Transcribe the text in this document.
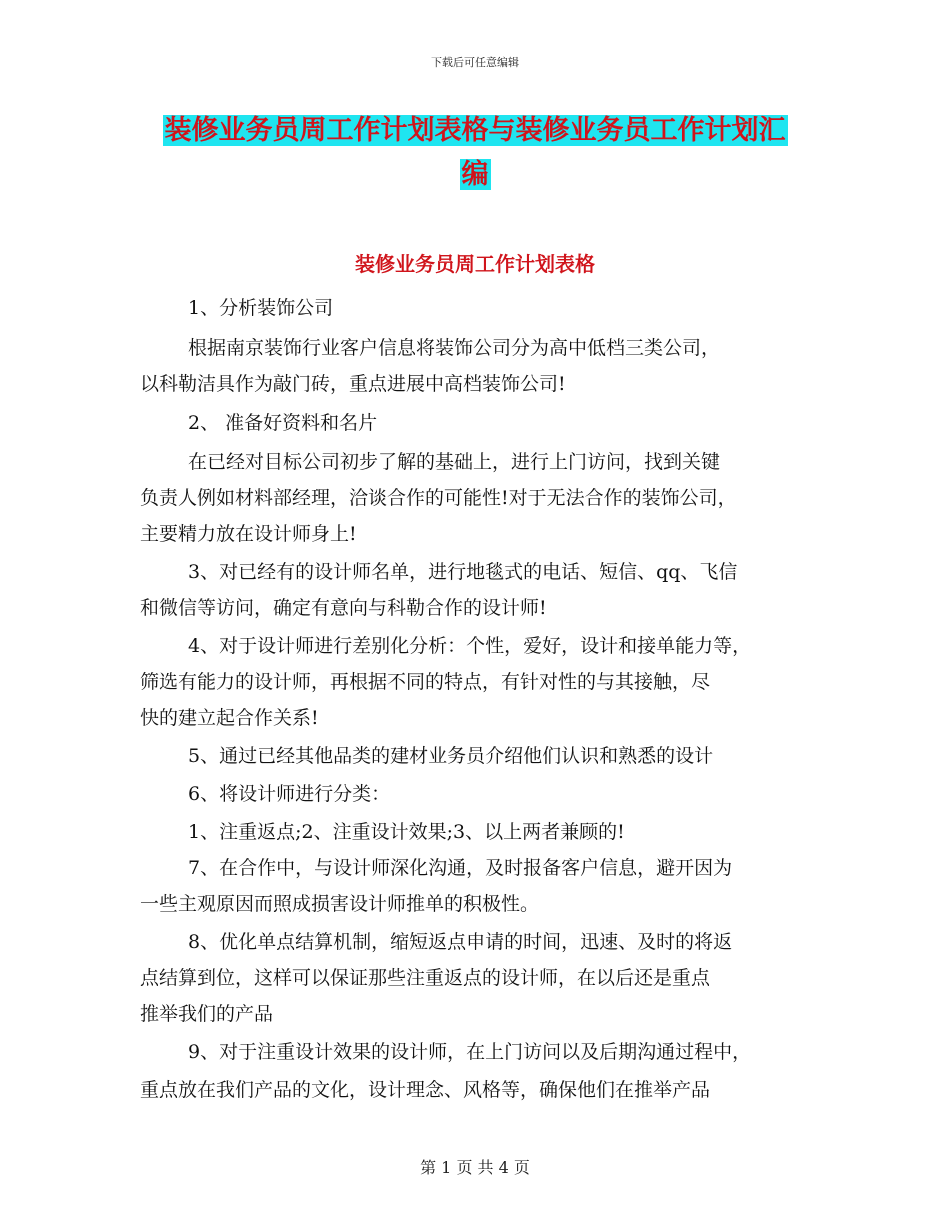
下载后可任意编辑
装修业务员周工作计划表格与装修业务员工作计划汇
编
装修业务员周工作计划表格
1、分析装饰公司
根据南京装饰行业客户信息将装饰公司分为高中低档三类公司，
以科勒洁具作为敲门砖，重点进展中高档装饰公司!
2、 准备好资料和名片
在已经对目标公司初步了解的基础上，进行上门访问，找到关键
负责人例如材料部经理，洽谈合作的可能性!对于无法合作的装饰公司，
主要精力放在设计师身上!
3、对已经有的设计师名单，进行地毯式的电话、短信、qq、飞信
和微信等访问，确定有意向与科勒合作的设计师!
4、对于设计师进行差别化分析：个性，爱好，设计和接单能力等，
筛选有能力的设计师，再根据不同的特点，有针对性的与其接触，尽
快的建立起合作关系!
5、通过已经其他品类的建材业务员介绍他们认识和熟悉的设计
6、将设计师进行分类：
1、注重返点;2、注重设计效果;3、以上两者兼顾的!
7、在合作中，与设计师深化沟通，及时报备客户信息，避开因为
一些主观原因而照成损害设计师推单的积极性。
8、优化单点结算机制，缩短返点申请的时间，迅速、及时的将返
点结算到位，这样可以保证那些注重返点的设计师，在以后还是重点
推举我们的产品
9、对于注重设计效果的设计师，在上门访问以及后期沟通过程中，
重点放在我们产品的文化，设计理念、风格等，确保他们在推举产品
第 1 页 共 4 页
